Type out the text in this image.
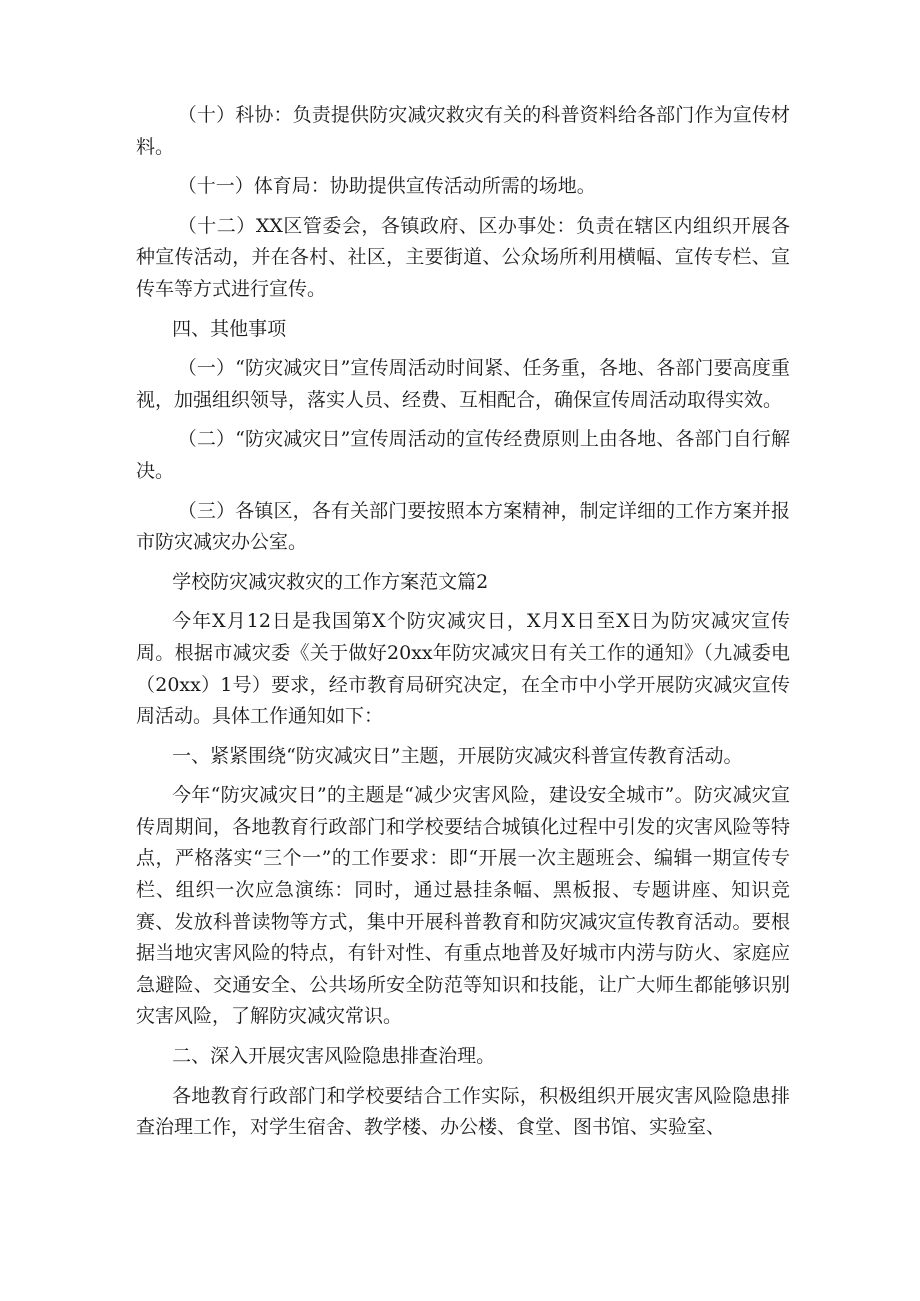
（十）科协：负责提供防灾减灾救灾有关的科普资料给各部门作为宣传材料。

（十一）体育局：协助提供宣传活动所需的场地。

（十二）XX区管委会，各镇政府、区办事处：负责在辖区内组织开展各种宣传活动，并在各村、社区，主要街道、公众场所利用横幅、宣传专栏、宣传车等方式进行宣传。

四、其他事项

（一）“防灾减灾日”宣传周活动时间紧、任务重，各地、各部门要高度重视，加强组织领导，落实人员、经费、互相配合，确保宣传周活动取得实效。

（二）“防灾减灾日”宣传周活动的宣传经费原则上由各地、各部门自行解决。

（三）各镇区，各有关部门要按照本方案精神，制定详细的工作方案并报市防灾减灾办公室。

学校防灾减灾救灾的工作方案范文篇2

今年X月12日是我国第X个防灾减灾日，X月X日至X日为防灾减灾宣传周。根据市减灾委《关于做好20xx年防灾减灾日有关工作的通知》（九减委电（20xx）1号）要求，经市教育局研究决定，在全市中小学开展防灾减灾宣传周活动。具体工作通知如下：

一、紧紧围绕“防灾减灾日”主题，开展防灾减灾科普宣传教育活动。

今年“防灾减灾日”的主题是“减少灾害风险，建设安全城市”。防灾减灾宣传周期间，各地教育行政部门和学校要结合城镇化过程中引发的灾害风险等特点，严格落实“三个一”的工作要求：即“开展一次主题班会、编辑一期宣传专栏、组织一次应急演练：同时，通过悬挂条幅、黑板报、专题讲座、知识竞赛、发放科普读物等方式，集中开展科普教育和防灾减灾宣传教育活动。要根据当地灾害风险的特点，有针对性、有重点地普及好城市内涝与防火、家庭应急避险、交通安全、公共场所安全防范等知识和技能，让广大师生都能够识别灾害风险，了解防灾减灾常识。

二、深入开展灾害风险隐患排查治理。

各地教育行政部门和学校要结合工作实际，积极组织开展灾害风险隐患排查治理工作，对学生宿舍、教学楼、办公楼、食堂、图书馆、实验室、
